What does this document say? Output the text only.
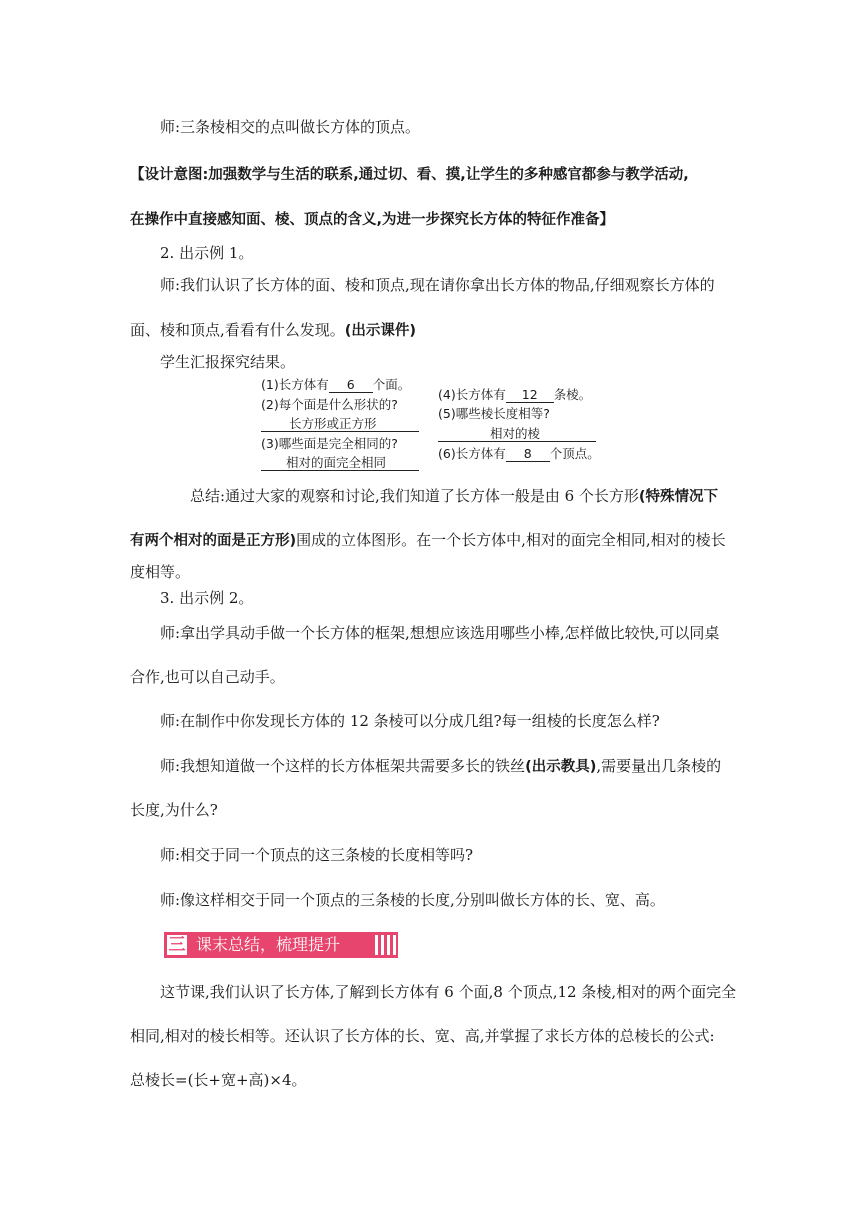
师:三条棱相交的点叫做长方体的顶点。
【设计意图:加强数学与生活的联系,通过切、看、摸,让学生的多种感官都参与教学活动,
在操作中直接感知面、棱、顶点的含义,为进一步探究长方体的特征作准备】
2. 出示例 1。
师:我们认识了长方体的面、棱和顶点,现在请你拿出长方体的物品,仔细观察长方体的
面、棱和顶点,看看有什么发现。(出示课件)
学生汇报探究结果。
(1)长方体有 6 个面。
(2)每个面是什么形状的?
长方形或正方形
(3)哪些面是完全相同的?
相对的面完全相同
(4)长方体有 12 条棱。
(5)哪些棱长度相等?
相对的棱
(6)长方体有 8 个顶点。
总结:通过大家的观察和讨论,我们知道了长方体一般是由 6 个长方形(特殊情况下
有两个相对的面是正方形)围成的立体图形。在一个长方体中,相对的面完全相同,相对的棱长
度相等。
3. 出示例 2。
师:拿出学具动手做一个长方体的框架,想想应该选用哪些小棒,怎样做比较快,可以同桌
合作,也可以自己动手。
师:在制作中你发现长方体的 12 条棱可以分成几组?每一组棱的长度怎么样?
师:我想知道做一个这样的长方体框架共需要多长的铁丝(出示教具),需要量出几条棱的
长度,为什么?
师:相交于同一个顶点的这三条棱的长度相等吗?
师:像这样相交于同一个顶点的三条棱的长度,分别叫做长方体的长、宽、高。
三 课末总结，梳理提升
这节课,我们认识了长方体,了解到长方体有 6 个面,8 个顶点,12 条棱,相对的两个面完全
相同,相对的棱长相等。还认识了长方体的长、宽、高,并掌握了求长方体的总棱长的公式:
总棱长=(长+宽+高)×4。
